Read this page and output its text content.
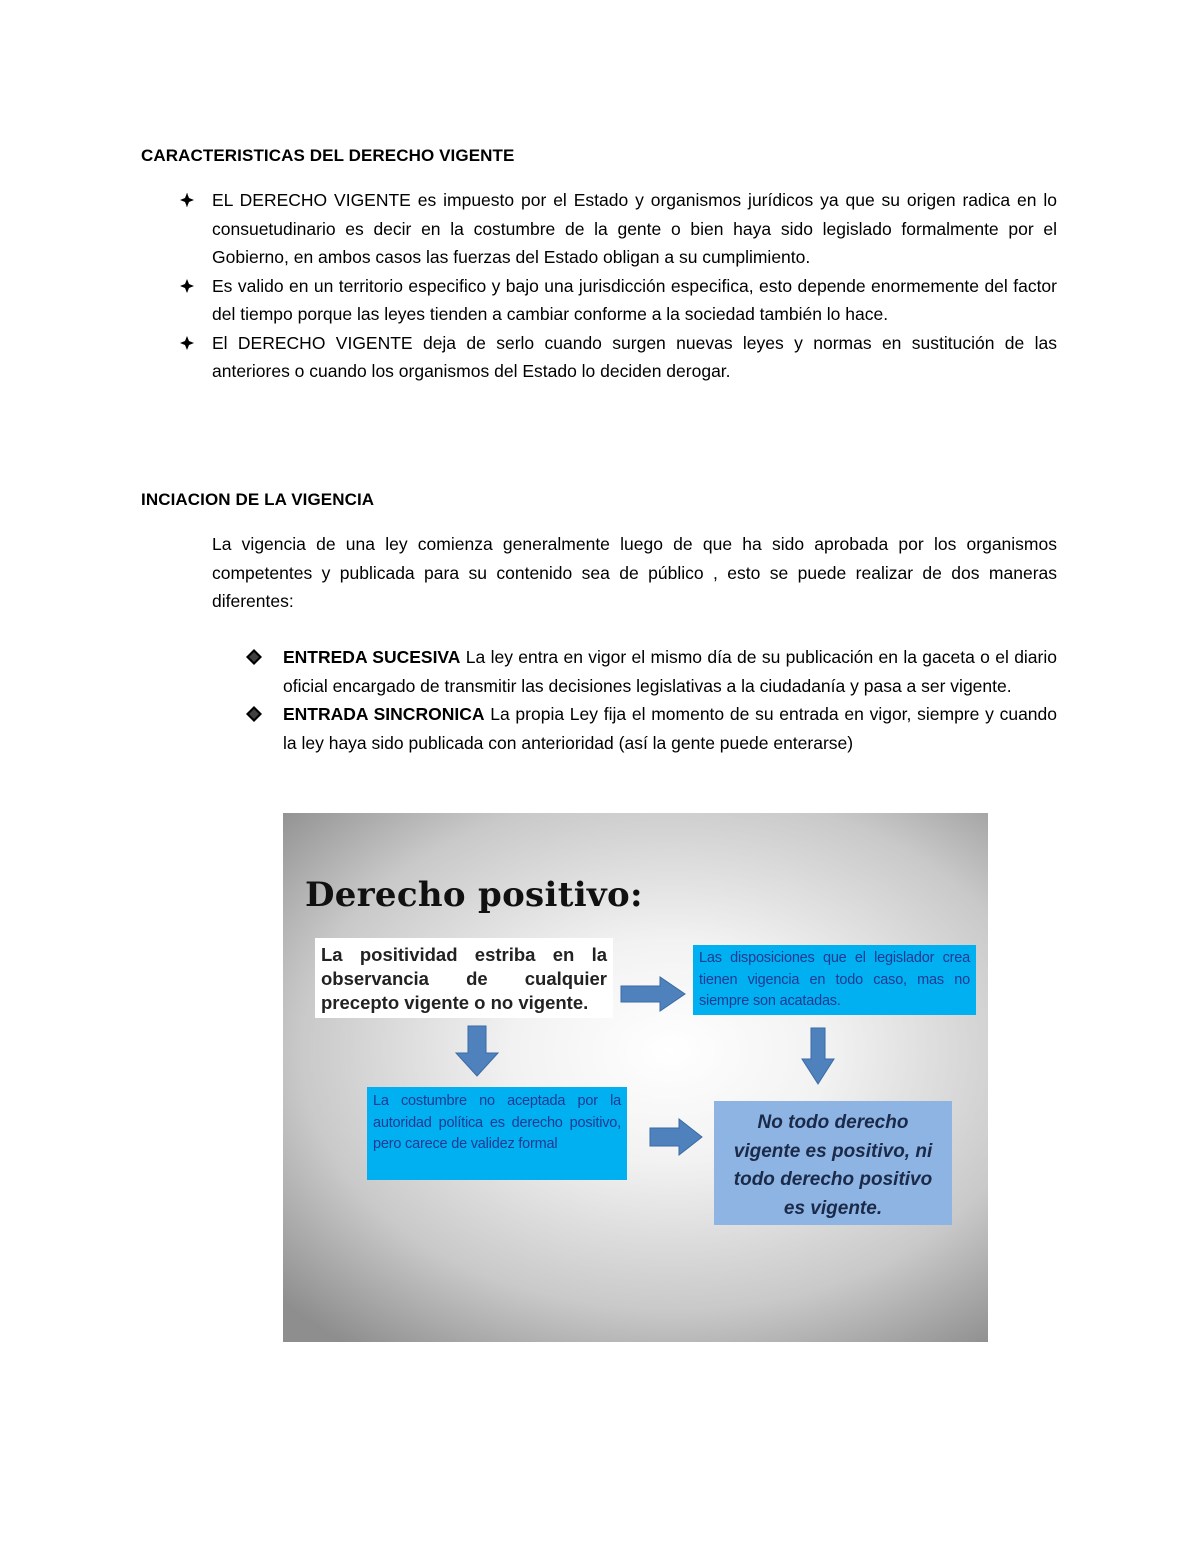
CARACTERISTICAS DEL DERECHO VIGENTE
EL DERECHO VIGENTE es impuesto por el Estado y organismos jurídicos ya que su origen radica en lo consuetudinario es decir en la costumbre de la gente o bien haya sido legislado formalmente por el Gobierno, en ambos casos las fuerzas del Estado obligan a su cumplimiento.
Es valido en un territorio especifico y bajo una jurisdicción especifica, esto depende enormemente del factor del tiempo porque las leyes tienden a cambiar conforme a la sociedad también lo hace.
El DERECHO VIGENTE deja de serlo cuando surgen nuevas leyes y normas en sustitución de las anteriores o cuando los organismos del Estado lo deciden derogar.
INCIACION DE LA VIGENCIA

La vigencia de una ley comienza generalmente luego de que ha sido aprobada por los organismos competentes y publicada para su contenido sea de público , esto se puede realizar de dos maneras diferentes:

ENTREDA SUCESIVA La ley entra en vigor el mismo día de su publicación en la gaceta o el diario oficial encargado de transmitir las decisiones legislativas a la ciudadanía y pasa a ser vigente.
ENTRADA SINCRONICA La propia Ley fija el momento de su entrada en vigor, siempre y cuando la ley haya sido publicada con anterioridad (así la gente puede enterarse)
Derecho positivo:
La positividad estriba en la observancia de cualquier precepto vigente o no vigente.
Las disposiciones que el legislador crea tienen vigencia en todo caso, mas no siempre son acatadas.
La costumbre no aceptada por la autoridad política es derecho positivo, pero carece de validez formal
No todo derecho vigente es positivo, ni todo derecho positivo es vigente.
